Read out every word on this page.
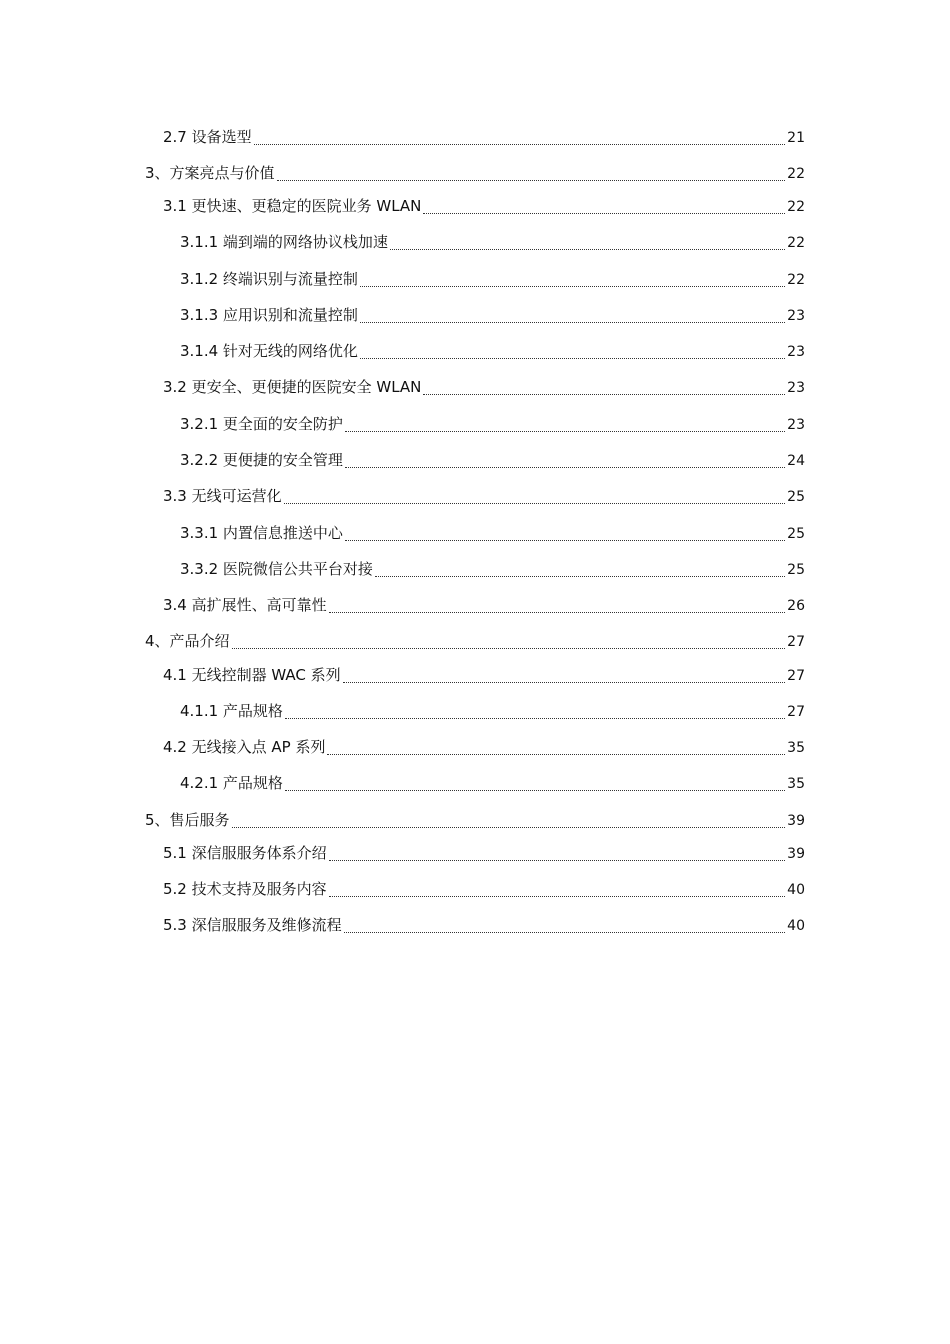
2.7 设备选型	21
3、方案亮点与价值	22
3.1 更快速、更稳定的医院业务 WLAN	22
3.1.1 端到端的网络协议栈加速	22
3.1.2 终端识别与流量控制	22
3.1.3 应用识别和流量控制	23
3.1.4 针对无线的网络优化	23
3.2 更安全、更便捷的医院安全 WLAN	23
3.2.1 更全面的安全防护	23
3.2.2 更便捷的安全管理	24
3.3 无线可运营化	25
3.3.1 内置信息推送中心	25
3.3.2 医院微信公共平台对接	25
3.4 高扩展性、高可靠性	26
4、产品介绍	27
4.1 无线控制器 WAC 系列	27
4.1.1 产品规格	27
4.2 无线接入点 AP 系列	35
4.2.1 产品规格	35
5、售后服务	39
5.1 深信服服务体系介绍	39
5.2 技术支持及服务内容	40
5.3 深信服服务及维修流程	40
